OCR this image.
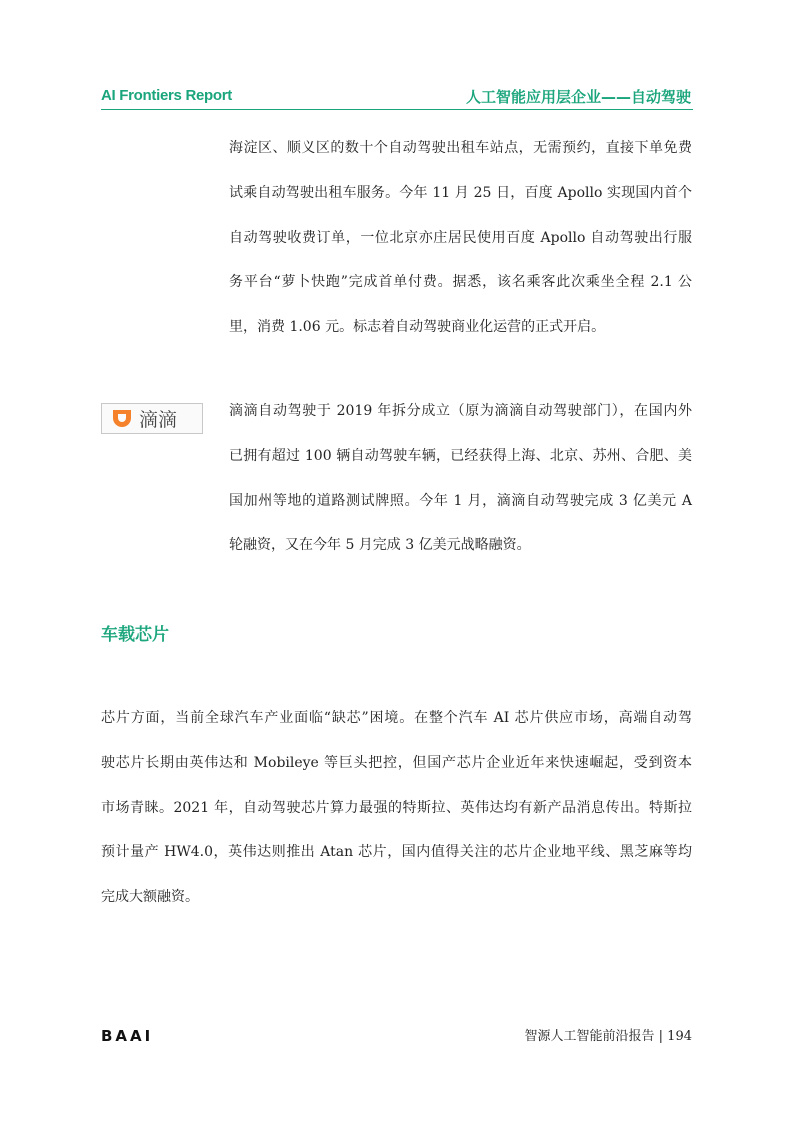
AI Frontiers Report	人工智能应用层企业——自动驾驶
海淀区、顺义区的数十个自动驾驶出租车站点，无需预约，直接下单免费
试乘自动驾驶出租车服务。今年 11 月 25 日，百度 Apollo 实现国内首个
自动驾驶收费订单，一位北京亦庄居民使用百度 Apollo 自动驾驶出行服
务平台“萝卜快跑”完成首单付费。据悉，该名乘客此次乘坐全程 2.1 公
里，消费 1.06 元。标志着自动驾驶商业化运营的正式开启。
滴滴	滴滴自动驾驶于 2019 年拆分成立（原为滴滴自动驾驶部门），在国内外
已拥有超过 100 辆自动驾驶车辆，已经获得上海、北京、苏州、合肥、美
国加州等地的道路测试牌照。今年 1 月，滴滴自动驾驶完成 3 亿美元 A
轮融资，又在今年 5 月完成 3 亿美元战略融资。
车载芯片
芯片方面，当前全球汽车产业面临“缺芯”困境。在整个汽车 AI 芯片供应市场，高端自动驾
驶芯片长期由英伟达和 Mobileye 等巨头把控，但国产芯片企业近年来快速崛起，受到资本
市场青睐。2021 年，自动驾驶芯片算力最强的特斯拉、英伟达均有新产品消息传出。特斯拉
预计量产 HW4.0，英伟达则推出 Atan 芯片，国内值得关注的芯片企业地平线、黑芝麻等均
完成大额融资。
BAAI	智源人工智能前沿报告 | 194
